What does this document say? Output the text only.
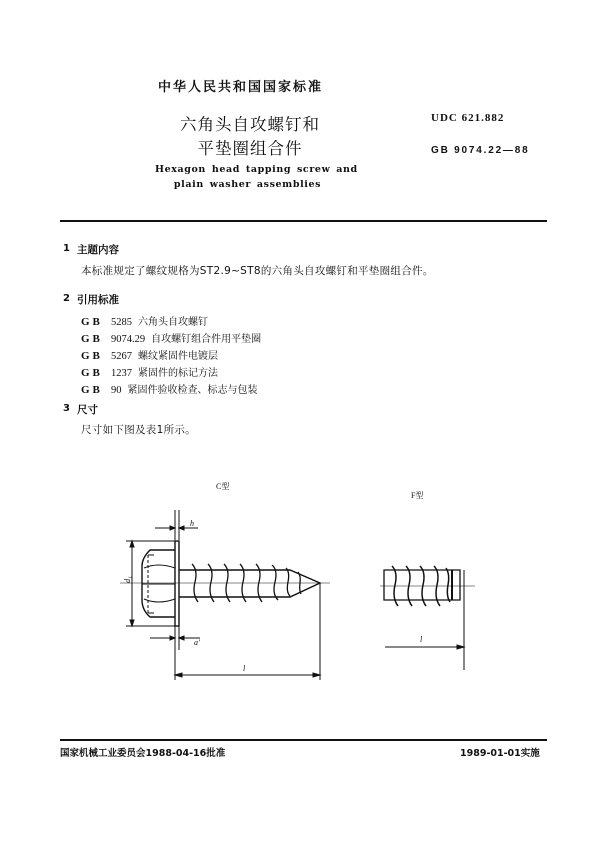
中华人民共和国国家标准
六角头自攻螺钉和
平垫圈组合件
Hexagon head tapping screw and
plain washer assemblies
UDC 621.882
GB 9074.22—88
1 主题内容
本标准规定了螺纹规格为ST2.9~ST8的六角头自攻螺钉和平垫圈组合件。
2 引用标准
GB 5285 六角头自攻螺钉
GB 9074.29 自攻螺钉组合件用平垫圈
GB 5267 螺纹紧固件电镀层
GB 1237 紧固件的标记方法
GB 90 紧固件验收检查、标志与包装
3 尺寸
尺寸如下图及表1所示。
C型
F型
h
d₁
a'
l
l
国家机械工业委员会1988-04-16批准	1989-01-01实施
